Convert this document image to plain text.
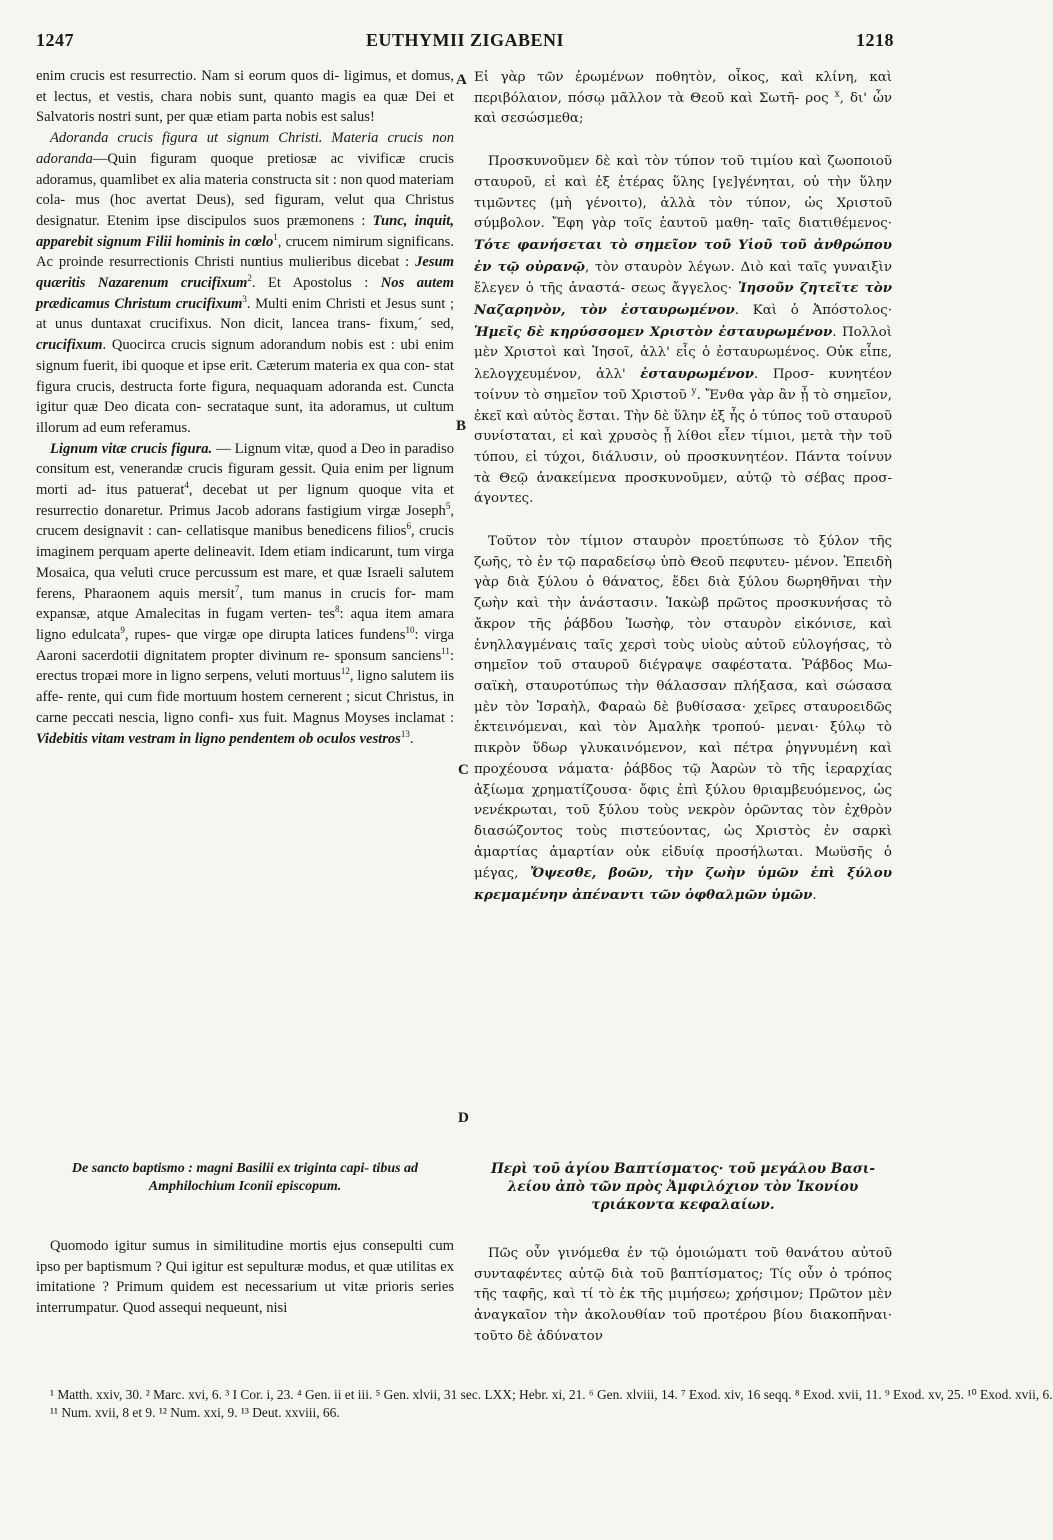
1247	EUTHYMII ZIGABENI	1218
A
B
C
D

enim crucis est resurrectio. Nam si eorum quos di- ligimus, et domus, et lectus, et vestis, chara nobis sunt, quanto magis ea quæ Dei et Salvatoris nostri sunt, per quæ etiam parta nobis est salus!

Adoranda crucis figura ut signum Christi. Materia crucis non adoranda—Quin figuram quoque pretiosæ ac vivificæ crucis adoramus, quamlibet ex alia materia constructa sit : non quod materiam cola- mus (hoc avertat Deus), sed figuram, velut qua Christus designatur. Etenim ipse discipulos suos præmonens : Tunc, inquit, apparebit signum Filii hominis in cœlo$^1$, crucem nimirum significans. Ac proinde resurrectionis Christi nuntius mulieribus dicebat : Jesum quæritis Nazarenum crucifixum$^2$. Et Apostolus : Nos autem prædicamus Christum crucifixum$^3$. Multi enim Christi et Jesus sunt ; at unus duntaxat crucifixus. Non dicit, lancea trans- fixum,´ sed, crucifixum. Quocirca crucis signum adorandum nobis est : ubi enim signum fuerit, ibi quoque et ipse erit. Cæterum materia ex qua con- stat figura crucis, destructa forte figura, nequaquam adoranda est. Cuncta igitur quæ Deo dicata con- secrataque sunt, ita adoramus, ut cultum illorum ad eum referamus.

Lignum vitæ crucis figura. — Lignum vitæ, quod a Deo in paradiso consitum est, venerandæ crucis figuram gessit. Quia enim per lignum morti ad- itus patuerat$^4$, decebat ut per lignum quoque vita et resurrectio donaretur. Primus Jacob adorans fastigium virgæ Joseph$^5$, crucem designavit : can- cellatisque manibus benedicens filios$^6$, crucis imaginem perquam aperte delineavit. Idem etiam indicarunt, tum virga Mosaica, qua veluti cruce percussum est mare, et quæ Israeli salutem ferens, Pharaonem aquis mersit$^7$, tum manus in crucis for- mam expansæ, atque Amalecitas in fugam verten- tes$^8$: aqua item amara ligno edulcata$^9$, rupes- que virgæ ope dirupta latices fundens$^{10}$: virga Aaroni sacerdotii dignitatem propter divinum re- sponsum sanciens$^{11}$: erectus tropæi more in ligno serpens, veluti mortuus$^{12}$, ligno salutem iis affe- rente, qui cum fide mortuum hostem cernerent ; sicut Christus, in carne peccati nescia, ligno confi- xus fuit. Magnus Moyses inclamat : Videbitis vitam vestram in ligno pendentem ob oculos vestros$^{13}$.

De sancto baptismo : magni Basilii ex triginta capi- tibus ad Amphilochium Iconii episcopum.

Quomodo igitur sumus in similitudine mortis ejus consepulti cum ipso per baptismum ? Qui igitur est sepulturæ modus, et quæ utilitas ex imitatione ? Primum quidem est necessarium ut vitæ prioris series interrumpatur. Quod assequi nequeunt, nisi

Εἰ γὰρ τῶν ἐρωμένων ποθητὸν, οἶκος, καὶ κλίνη, καὶ περιβόλαιον, πόσῳ μᾶλλον τὰ Θεοῦ καὶ Σωτῆ- ρος $^x$, δι' ὧν καὶ σεσώσμεθα;

Προσκυνοῦμεν δὲ καὶ τὸν τύπον τοῦ τιμίου καὶ ζωοποιοῦ σταυροῦ, εἰ καὶ ἐξ ἑτέρας ὕλης [γε]γένηται, οὐ τὴν ὕλην τιμῶντες (μὴ γένοιτο), ἀλλὰ τὸν τύπον, ὡς Χριστοῦ σύμβολον. Ἔφη γὰρ τοῖς ἑαυτοῦ μαθη- ταῖς διατιθέμενος· Τότε φανήσεται τὸ σημεῖον τοῦ Υἱοῦ τοῦ ἀνθρώπου ἐν τῷ οὐρανῷ, τὸν σταυρὸν λέγων. Διὸ καὶ ταῖς γυναιξὶν ἔλεγεν ὁ τῆς ἀναστά- σεως ἄγγελος· Ἰησοῦν ζητεῖτε τὸν Ναζαρηνὸν, τὸν ἐσταυρωμένον. Καὶ ὁ Ἀπόστολος· Ἡμεῖς δὲ κηρύσσομεν Χριστὸν ἐσταυρωμένον. Πολλοὶ μὲν Χριστοὶ καὶ Ἰησοῖ, ἀλλ' εἷς ὁ ἐσταυρωμένος. Οὐκ εἶπε, λελογχευμένον, ἀλλ' ἐσταυρωμένον. Προσ- κυνητέον τοίνυν τὸ σημεῖον τοῦ Χριστοῦ $^y$. Ἔνθα γὰρ ἂν ᾖ τὸ σημεῖον, ἐκεῖ καὶ αὐτὸς ἔσται. Τὴν δὲ ὕλην ἐξ ἧς ὁ τύπος τοῦ σταυροῦ συνίσταται, εἰ καὶ χρυσὸς ᾖ λίθοι εἶεν τίμιοι, μετὰ τὴν τοῦ τύπου, εἰ τύχοι, διάλυσιν, οὐ προσκυνητέον. Πάντα τοίνυν τὰ Θεῷ ἀνακείμενα προσκυνοῦμεν, αὐτῷ τὸ σέβας προσ- άγοντες.

Τοῦτον τὸν τίμιον σταυρὸν προετύπωσε τὸ ξύλον τῆς ζωῆς, τὸ ἐν τῷ παραδείσῳ ὑπὸ Θεοῦ πεφυτευ- μένον. Ἐπειδὴ γὰρ διὰ ξύλου ὁ θάνατος, ἔδει διὰ ξύλου δωρηθῆναι τὴν ζωὴν καὶ τὴν ἀνάστασιν. Ἰακὼβ πρῶτος προσκυνήσας τὸ ἄκρον τῆς ῥάβδου Ἰωσὴφ, τὸν σταυρὸν εἰκόνισε, καὶ ἐνηλλαγμέναις ταῖς χερσὶ τοὺς υἱοὺς αὐτοῦ εὐλογήσας, τὸ σημεῖον τοῦ σταυροῦ διέγραψε σαφέστατα. Ῥάβδος Μω- σαϊκὴ, σταυροτύπως τὴν θάλασσαν πλήξασα, καὶ σώσασα μὲν τὸν Ἰσραὴλ, Φαραὼ δὲ βυθίσασα· χεῖρες σταυροειδῶς ἐκτεινόμεναι, καὶ τὸν Ἀμαλὴκ τροπού- μεναι· ξύλῳ τὸ πικρὸν ὕδωρ γλυκαινόμενον, καὶ πέτρα ῥηγνυμένη καὶ προχέουσα νάματα· ῥάβδος τῷ Ἀαρὼν τὸ τῆς ἱεραρχίας ἀξίωμα χρηματίζουσα· ὄφις ἐπὶ ξύλου θριαμβευόμενος, ὡς νενέκρωται, τοῦ ξύλου τοὺς νεκρὸν ὁρῶντας τὸν ἐχθρὸν διασώζοντος τοὺς πιστεύοντας, ὡς Χριστὸς ἐν σαρκὶ ἁμαρτίας ἁμαρτίαν οὐκ εἰδυίᾳ προσήλωται. Μωϋσῆς ὁ μέγας, Ὄψεσθε, βοῶν, τὴν ζωὴν ὑμῶν ἐπὶ ξύλου κρεμαμένην ἀπέναντι τῶν ὀφθαλμῶν ὑμῶν.

Περὶ τοῦ ἁγίου Βαπτίσματος· τοῦ μεγάλου Βασι- λείου ἀπὸ τῶν πρὸς Ἀμφιλόχιον τὸν Ἰκονίου τριάκοντα κεφαλαίων.

Πῶς οὖν γινόμεθα ἐν τῷ ὁμοιώματι τοῦ θανάτου αὐτοῦ συνταφέντες αὐτῷ διὰ τοῦ βαπτίσματος; Τίς οὖν ὁ τρόπος τῆς ταφῆς, καὶ τί τὸ ἐκ τῆς μιμήσεω; χρήσιμον; Πρῶτον μὲν ἀναγκαῖον τὴν ἀκολουθίαν τοῦ προτέρου βίου διακοπῆναι· τοῦτο δὲ ἀδύνατον

¹ Matth. xxiv, 30. ² Marc. xvi, 6. ³ I Cor. i, 23. ⁴ Gen. ii et iii. ⁵ Gen. xlvii, 31 sec. LXX; Hebr. xi, 21. ⁶ Gen. xlviii, 14. ⁷ Exod. xiv, 16 seqq. ⁸ Exod. xvii, 11. ⁹ Exod. xv, 25. ¹⁰ Exod. xvii, 6.
¹¹ Num. xvii, 8 et 9. ¹² Num. xxi, 9. ¹³ Deut. xxviii, 66.
